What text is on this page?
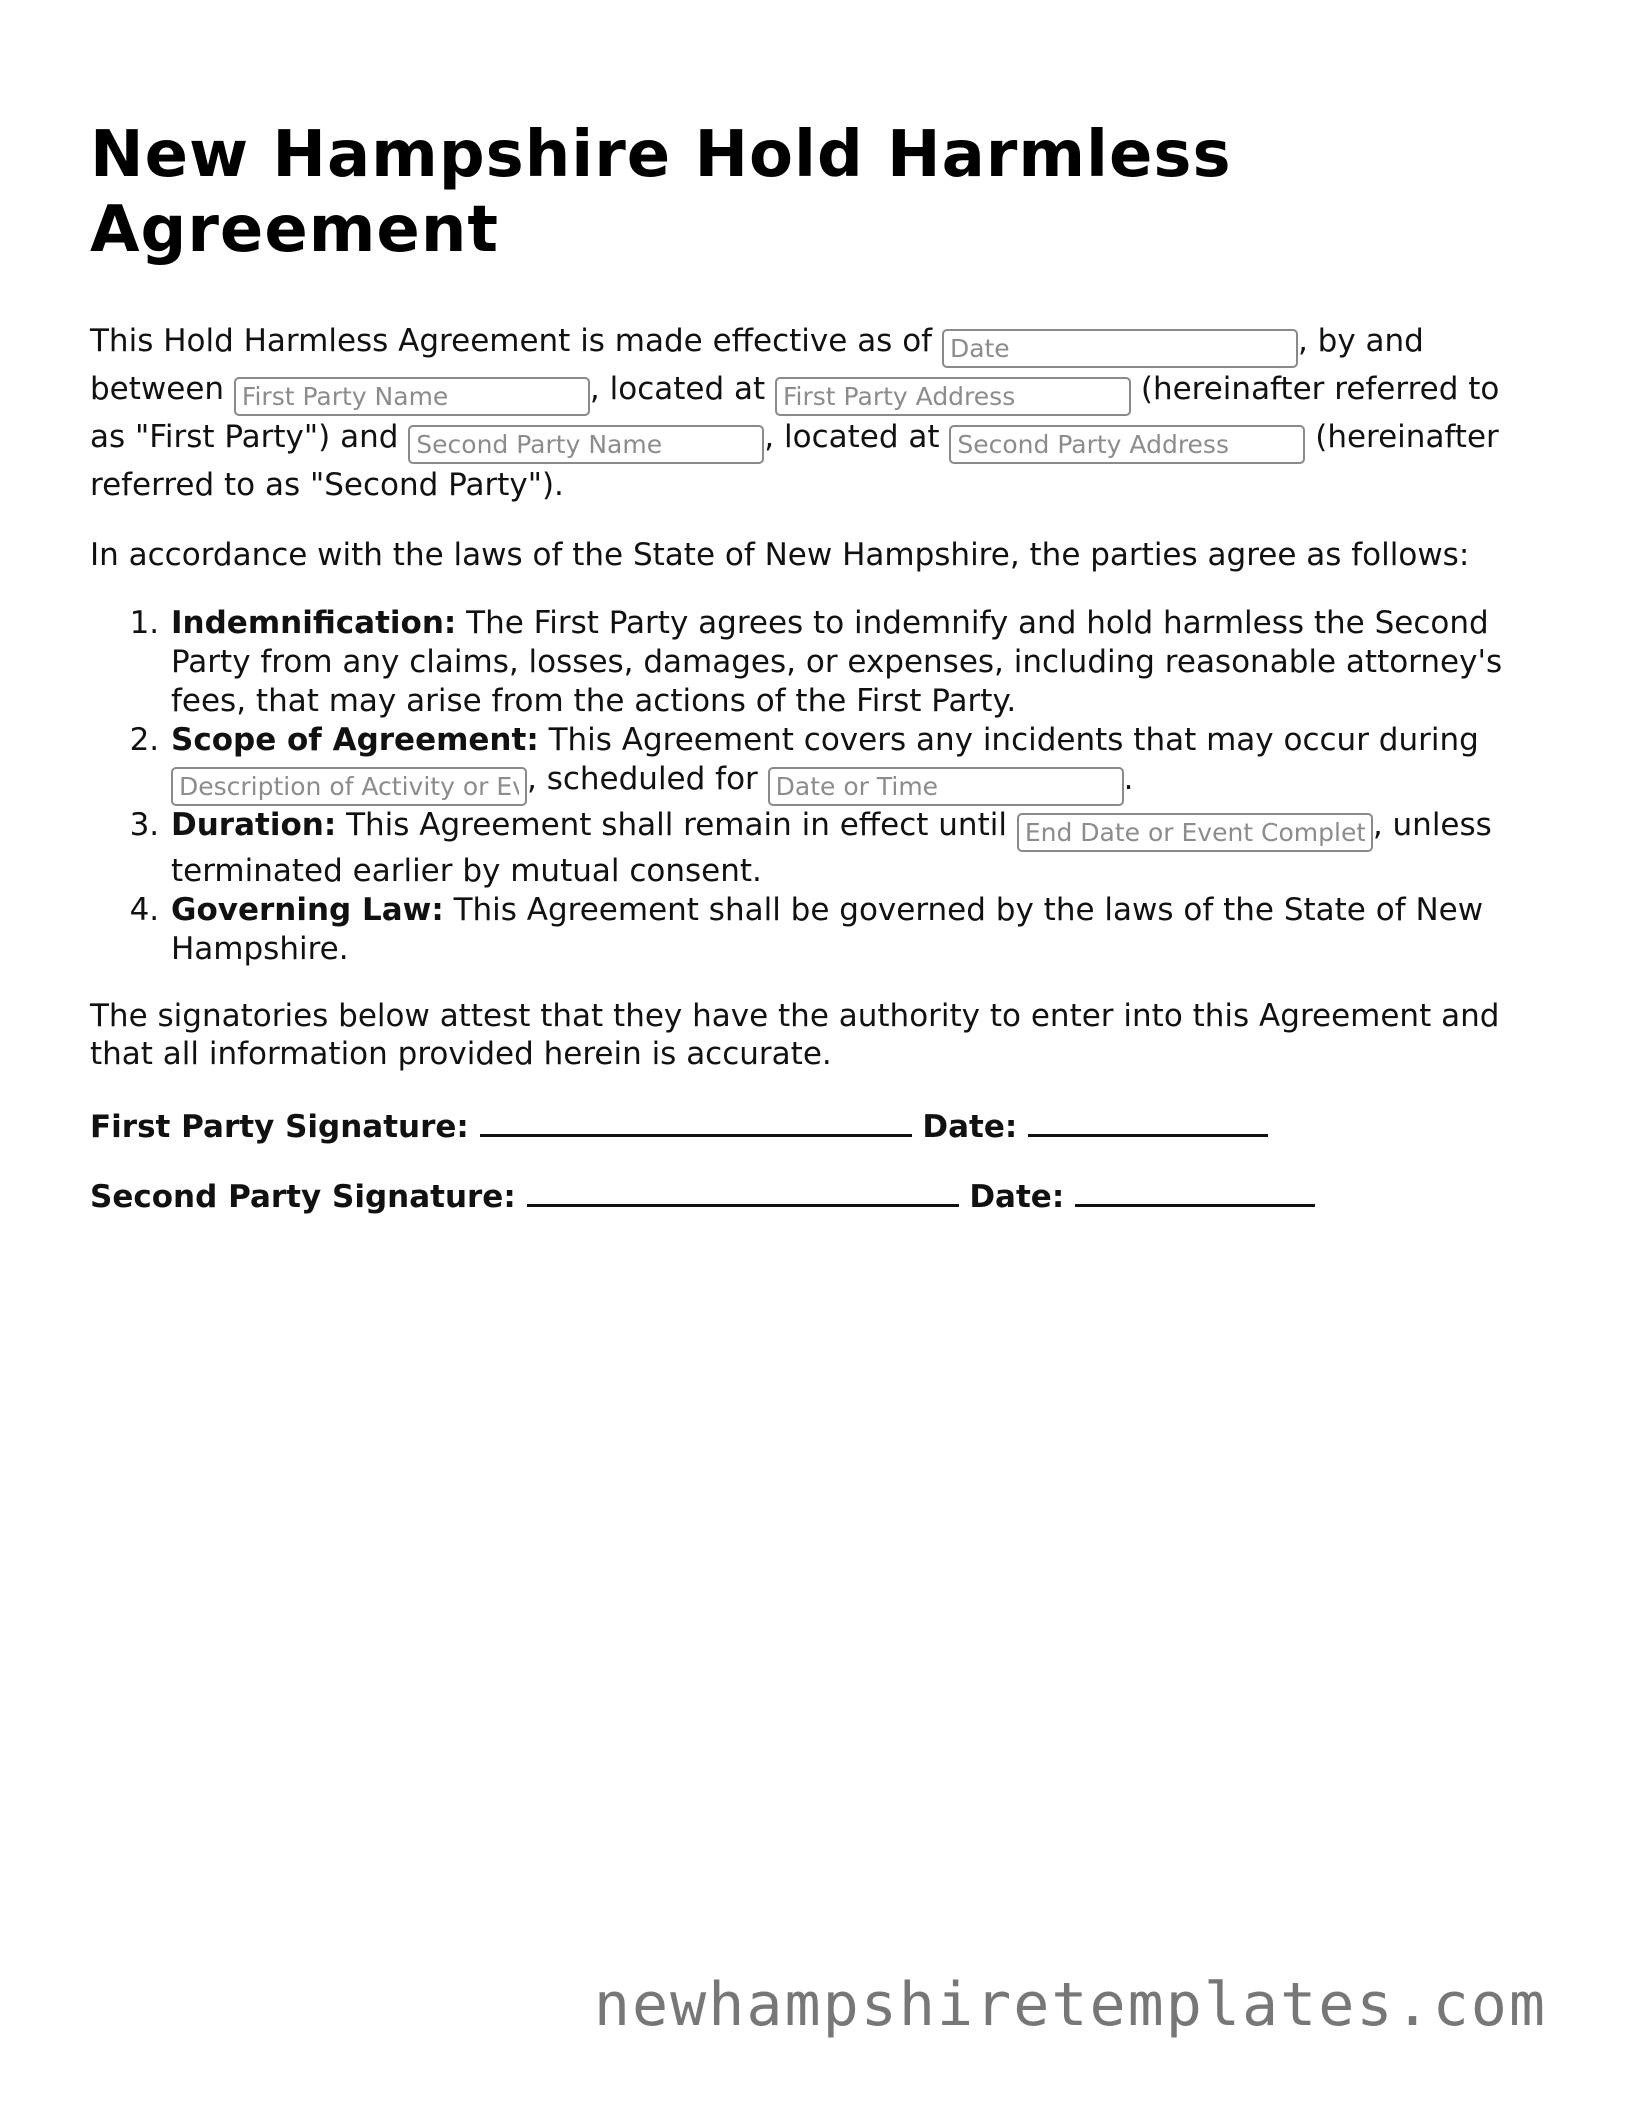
New Hampshire Hold Harmless Agreement

This Hold Harmless Agreement is made effective as of Date	, by and between First Party Name	, located at First Party Address	(hereinafter referred to as "First Party") and Second Party Name	, located at Second Party Address	(hereinafter referred to as "Second Party").

In accordance with the laws of the State of New Hampshire, the parties agree as follows:

1. Indemnification: The First Party agrees to indemnify and hold harmless the Second Party from any claims, losses, damages, or expenses, including reasonable attorney's fees, that may arise from the actions of the First Party.
2. Scope of Agreement: This Agreement covers any incidents that may occur during Description of Activity or Event, scheduled for Date or Time	.
3. Duration: This Agreement shall remain in effect until End Date or Event Completion	, unless terminated earlier by mutual consent.
4. Governing Law: This Agreement shall be governed by the laws of the State of New Hampshire.

The signatories below attest that they have the authority to enter into this Agreement and that all information provided herein is accurate.

First Party Signature:	Date:
Second Party Signature:	Date:
newhampshiretemplates.com
